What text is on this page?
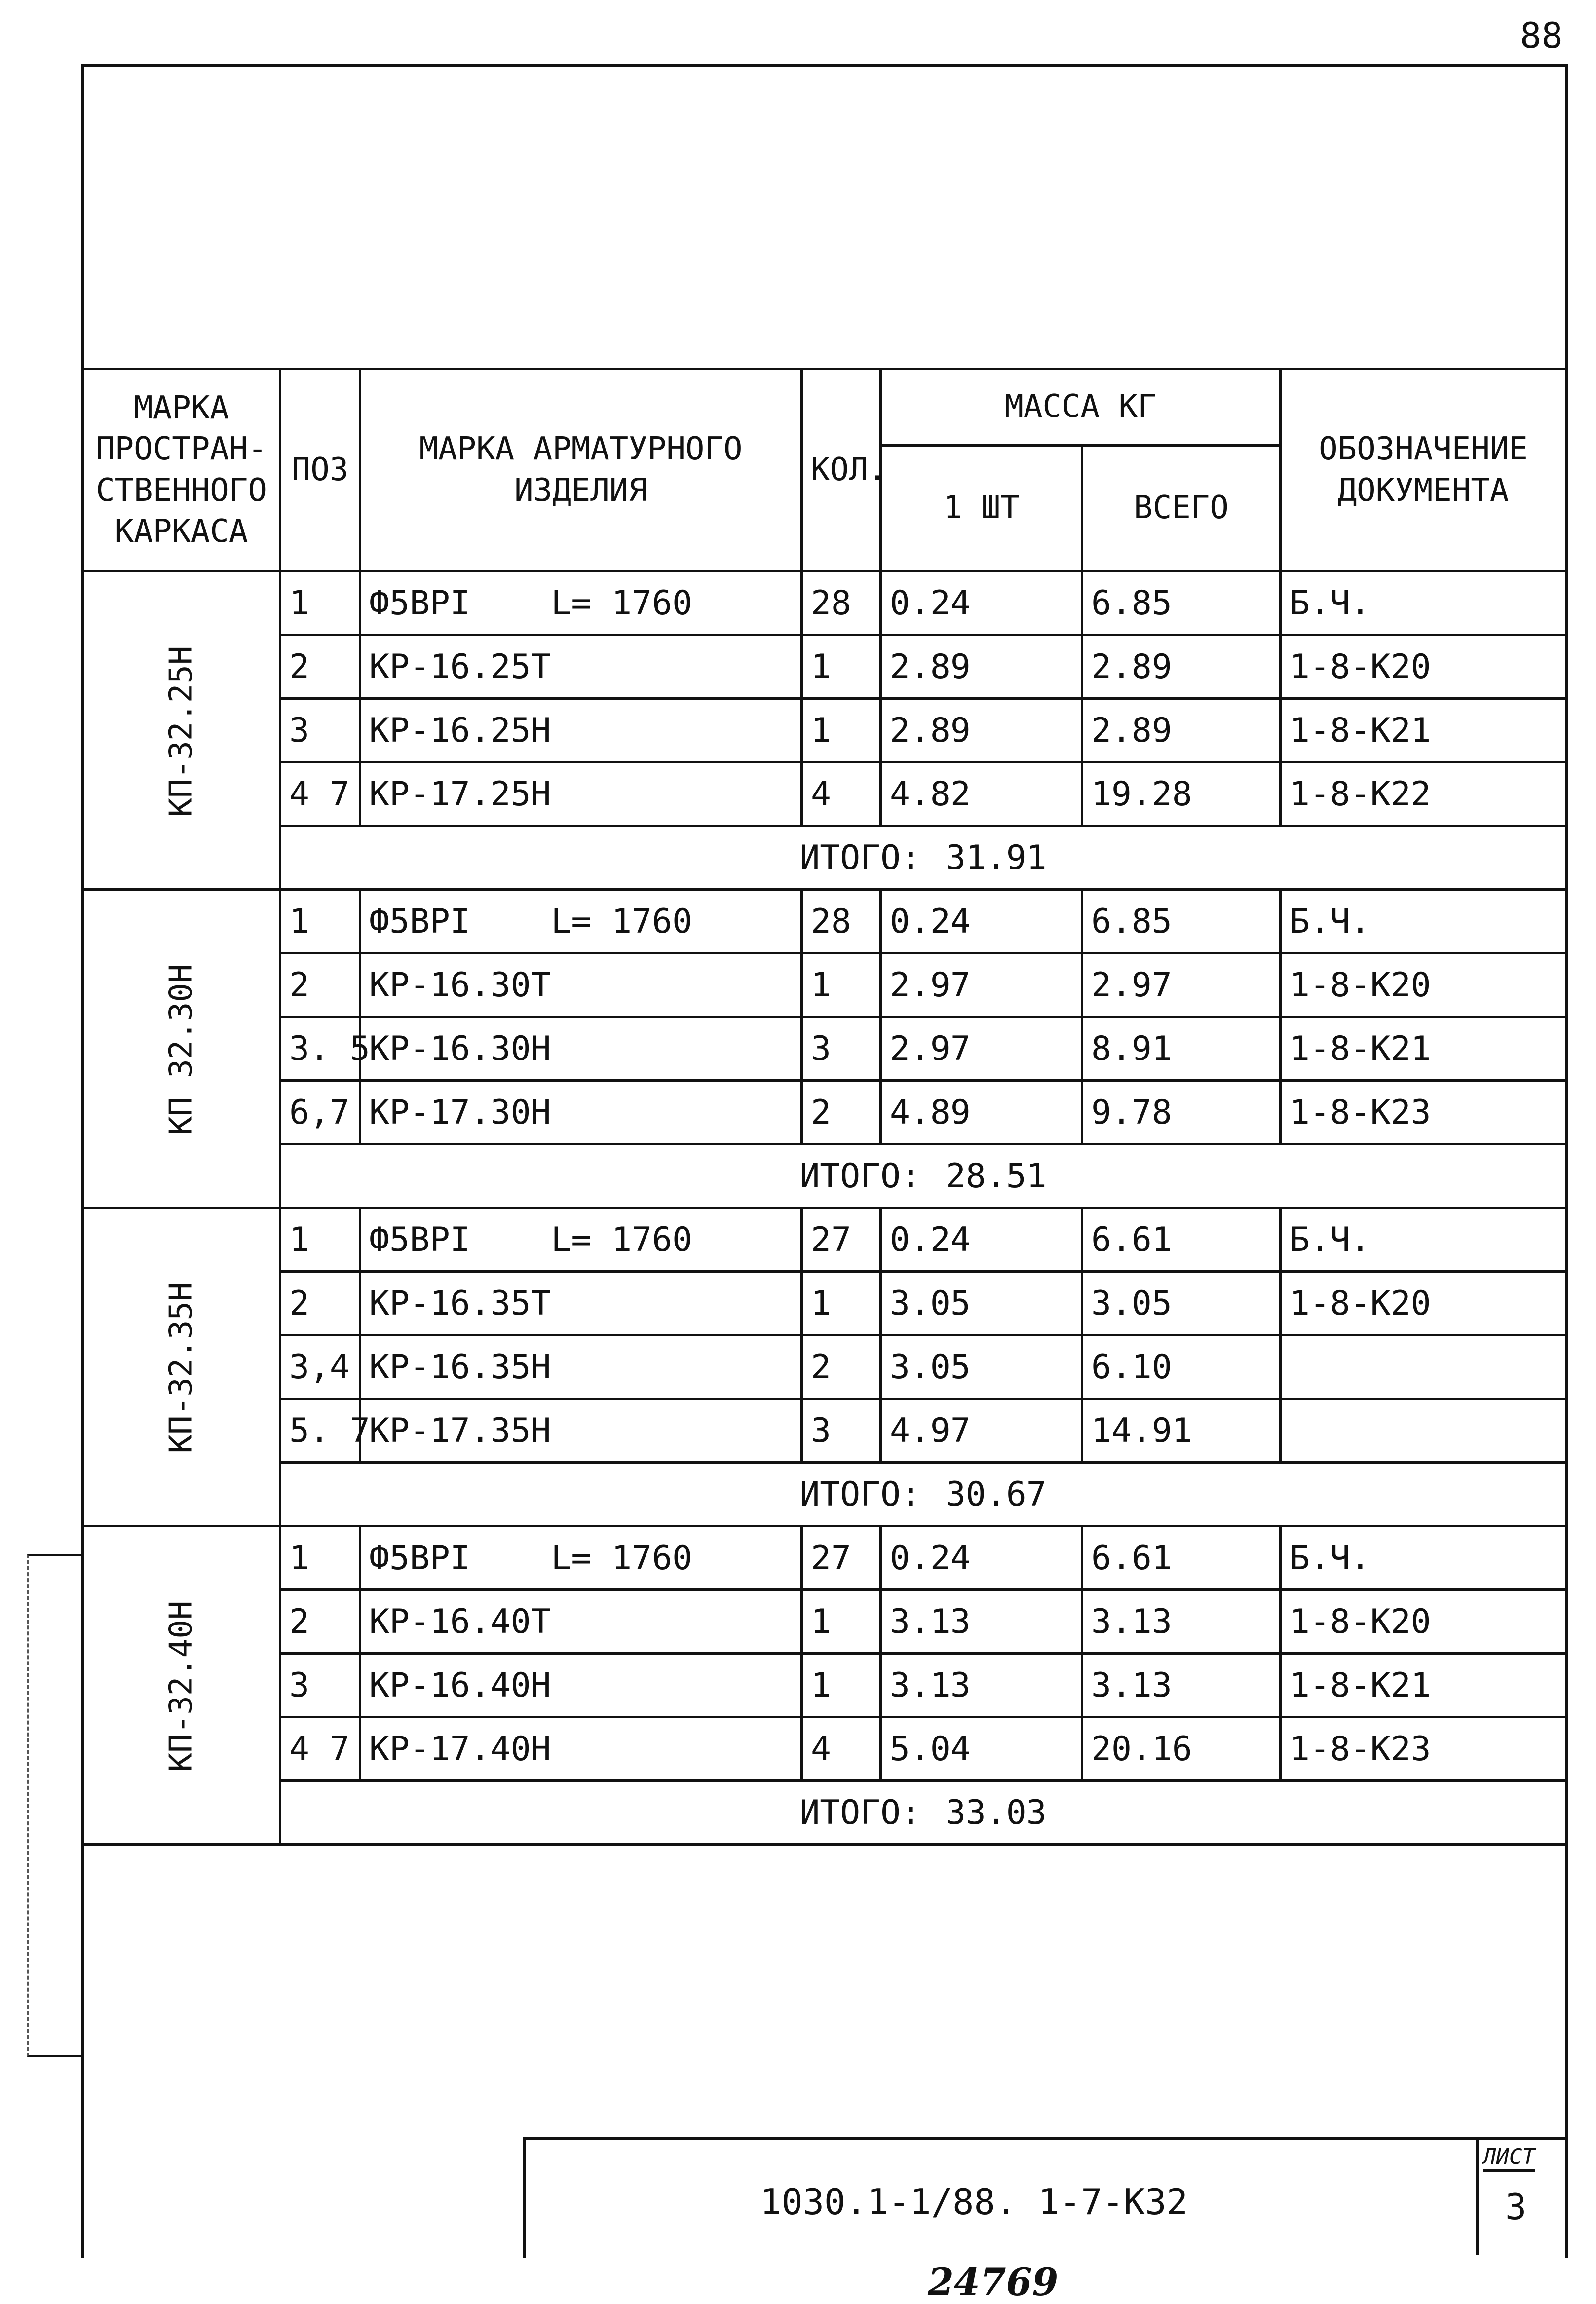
88
МАРКА ПРОСТРАН-СТВЕННОГО КАРКАСА	ПОЗ	МАРКА АРМАТУРНОГО ИЗДЕЛИЯ	КОЛ.	МАССА КГ		ОБОЗНАЧЕНИЕ ДОКУМЕНТА
				1 ШТ	ВСЕГО	
КП-32.25Н	1	Ф5ВРI    L= 1760	28	0.24	6.85	Б.Ч.
	2	КР-16.25Т	1	2.89	2.89	1-8-К20
	3	КР-16.25Н	1	2.89	2.89	1-8-К21
	4 7	КР-17.25Н	4	4.82	19.28	1-8-К22
	ИТОГО: 31.91					
КП 32.30Н	1	Ф5ВРI    L= 1760	28	0.24	6.85	Б.Ч.
	2	КР-16.30Т	1	2.97	2.97	1-8-К20
	3. 5	КР-16.30Н	3	2.97	8.91	1-8-К21
	6,7	КР-17.30Н	2	4.89	9.78	1-8-К23
	ИТОГО: 28.51					
КП-32.35Н	1	Ф5ВРI    L= 1760	27	0.24	6.61	Б.Ч.
	2	КР-16.35Т	1	3.05	3.05	1-8-К20
	3,4	КР-16.35Н	2	3.05	6.10	
	5. 7	КР-17.35Н	3	4.97	14.91	
	ИТОГО: 30.67					
КП-32.40Н	1	Ф5ВРI    L= 1760	27	0.24	6.61	Б.Ч.
	2	КР-16.40Т	1	3.13	3.13	1-8-К20
	3	КР-16.40Н	1	3.13	3.13	1-8-К21
	4 7	КР-17.40Н	4	5.04	20.16	1-8-К23
	ИТОГО: 33.03					
1030.1-1/88. 1-7-К32
ЛИСТ
3
24769
